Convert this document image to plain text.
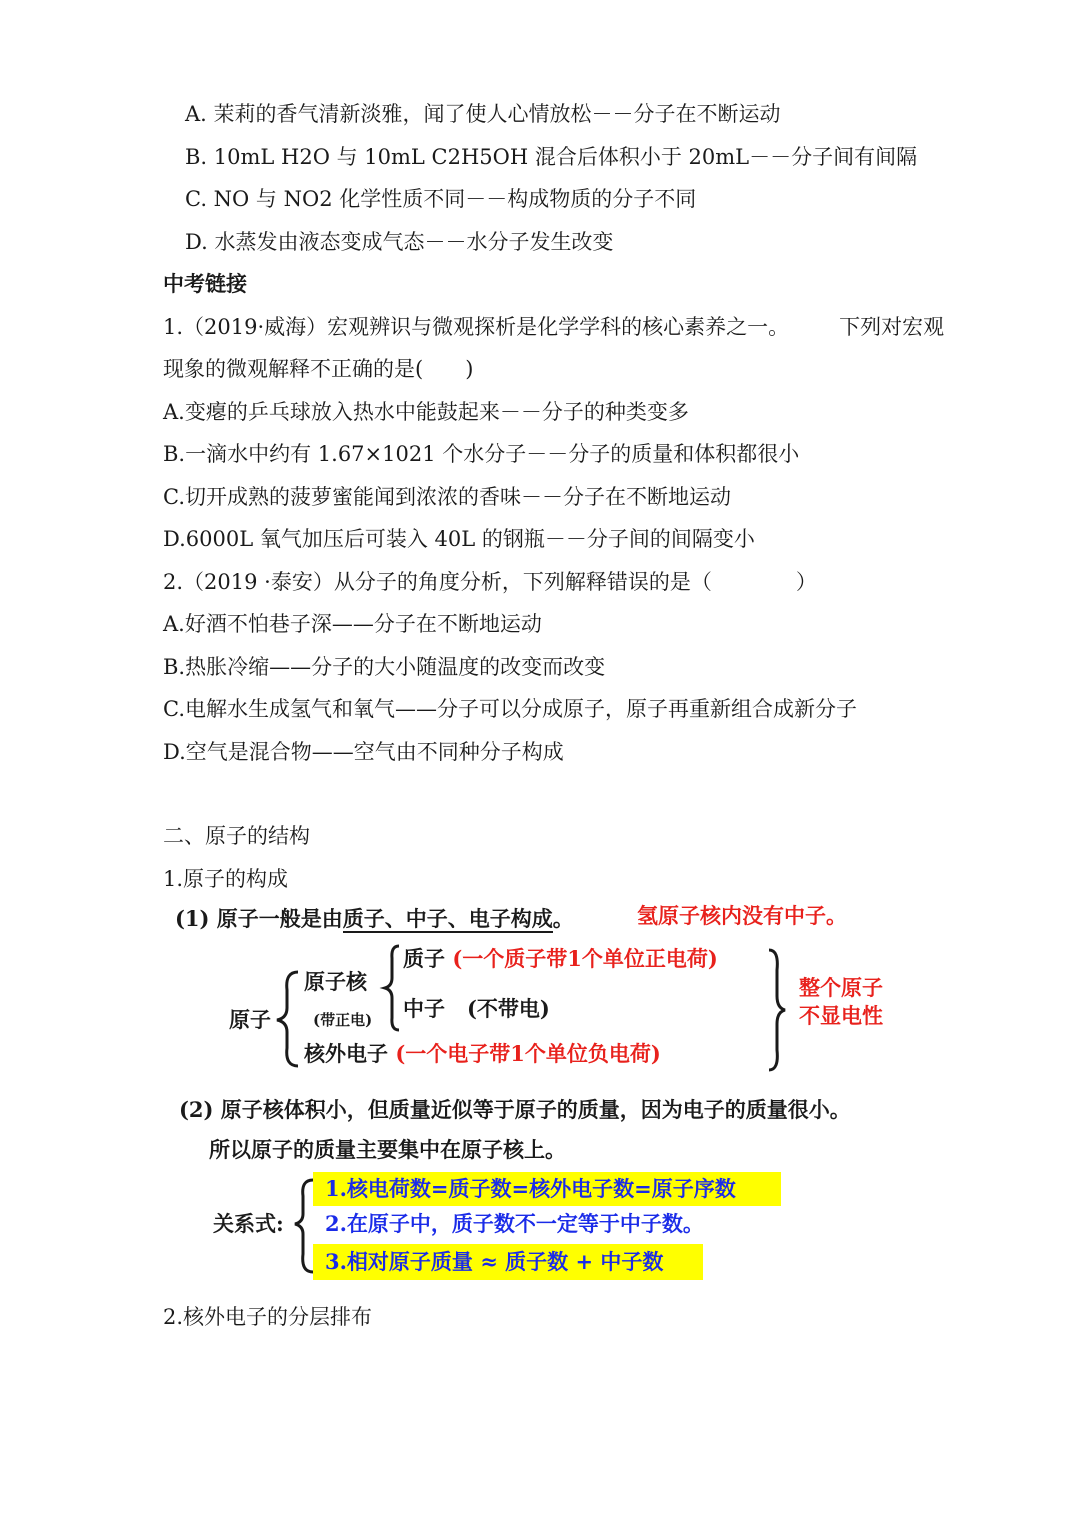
A. 茉莉的香气清新淡雅，闻了使人心情放松－－分子在不断运动
B. 10mL H2O 与 10mL C2H5OH 混合后体积小于 20mL－－分子间有间隔
C. NO 与 NO2 化学性质不同－－构成物质的分子不同
D. 水蒸发由液态变成气态－－水分子发生改变
中考链接
1.（2019·威海）宏观辨识与微观探析是化学学科的核心素养之一。 下列对宏观
现象的微观解释不正确的是(　　)
A.变瘪的乒乓球放入热水中能鼓起来－－分子的种类变多
B.一滴水中约有 1.67×1021 个水分子－－分子的质量和体积都很小
C.切开成熟的菠萝蜜能闻到浓浓的香味－－分子在不断地运动
D.6000L 氧气加压后可装入 40L 的钢瓶－－分子间的间隔变小
2.（2019 ·泰安）从分子的角度分析，下列解释错误的是（　　　　）
A.好酒不怕巷子深——分子在不断地运动
B.热胀冷缩——分子的大小随温度的改变而改变
C.电解水生成氢气和氧气——分子可以分成原子，原子再重新组合成新分子
D.空气是混合物——空气由不同种分子构成
二、原子的结构
1.原子的构成
(1) 原子一般是由质子、中子、电子构成。	氢原子核内没有中子。
原子
原子核
(带正电)
质子 (一个质子带1个单位正电荷)
中子 (不带电)
核外电子 (一个电子带1个单位负电荷)
整个原子
不显电性
(2) 原子核体积小，但质量近似等于原子的质量，因为电子的质量很小。
所以原子的质量主要集中在原子核上。
关系式:
1.核电荷数=质子数=核外电子数=原子序数
2.在原子中，质子数不一定等于中子数。
3.相对原子质量 ≈ 质子数 + 中子数
2.核外电子的分层排布
